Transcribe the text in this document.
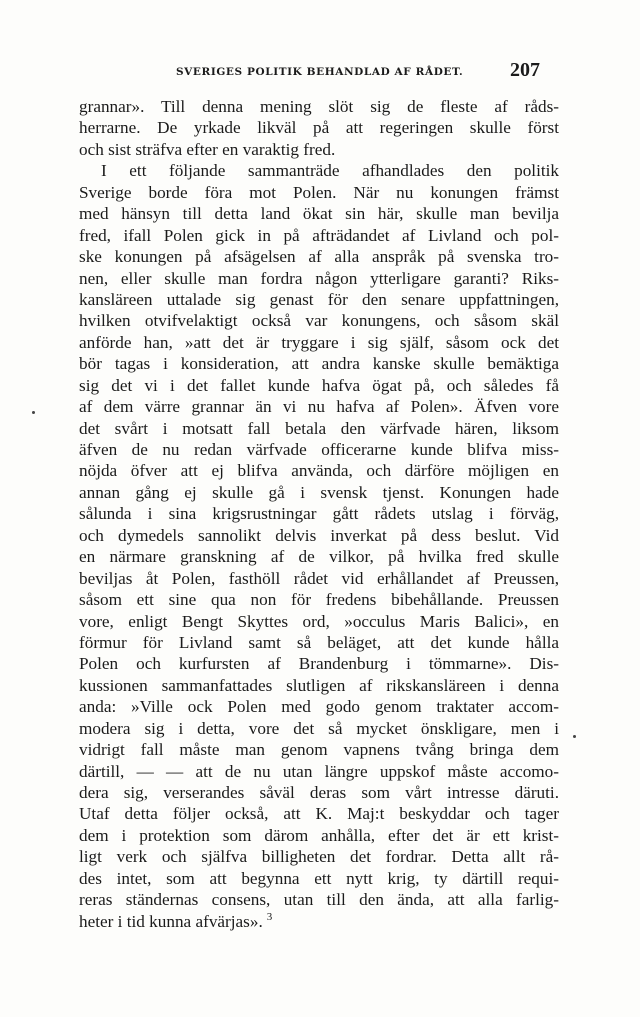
SVERIGES POLITIK BEHANDLAD AF RÅDET. 207
grannar». Till denna mening slöt sig de fleste af råds-
herrarne. De yrkade likväl på att regeringen skulle först
och sist sträfva efter en varaktig fred.
I ett följande sammanträde afhandlades den politik
Sverige borde föra mot Polen. När nu konungen främst
med hänsyn till detta land ökat sin här, skulle man bevilja
fred, ifall Polen gick in på afträdandet af Livland och pol-
ske konungen på afsägelsen af alla anspråk på svenska tro-
nen, eller skulle man fordra någon ytterligare garanti? Riks-
kansläreen uttalade sig genast för den senare uppfattningen,
hvilken otvifvelaktigt också var konungens, och såsom skäl
anförde han, »att det är tryggare i sig själf, såsom ock det
bör tagas i konsideration, att andra kanske skulle bemäktiga
sig det vi i det fallet kunde hafva ögat på, och således få
af dem värre grannar än vi nu hafva af Polen». Äfven vore
det svårt i motsatt fall betala den värfvade hären, liksom
äfven de nu redan värfvade officerarne kunde blifva miss-
nöjda öfver att ej blifva använda, och därföre möjligen en
annan gång ej skulle gå i svensk tjenst. Konungen hade
sålunda i sina krigsrustningar gått rådets utslag i förväg,
och dymedels sannolikt delvis inverkat på dess beslut. Vid
en närmare granskning af de vilkor, på hvilka fred skulle
beviljas åt Polen, fasthöll rådet vid erhållandet af Preussen,
såsom ett sine qua non för fredens bibehållande. Preussen
vore, enligt Bengt Skyttes ord, »occulus Maris Balici», en
förmur för Livland samt så beläget, att det kunde hålla
Polen och kurfursten af Brandenburg i tömmarne». Dis-
kussionen sammanfattades slutligen af rikskansläreen i denna
anda: »Ville ock Polen med godo genom traktater accom-
modera sig i detta, vore det så mycket önskligare, men i
vidrigt fall måste man genom vapnens tvång bringa dem
därtill, — — att de nu utan längre uppskof måste accomo-
dera sig, verserandes såväl deras som vårt intresse däruti.
Utaf detta följer också, att K. Maj:t beskyddar och tager
dem i protektion som därom anhålla, efter det är ett krist-
ligt verk och själfva billigheten det fordrar. Detta allt rå-
des intet, som att begynna ett nytt krig, ty därtill requi-
reras ständernas consens, utan till den ända, att alla farlig-
heter i tid kunna afvärjas». $^3$
